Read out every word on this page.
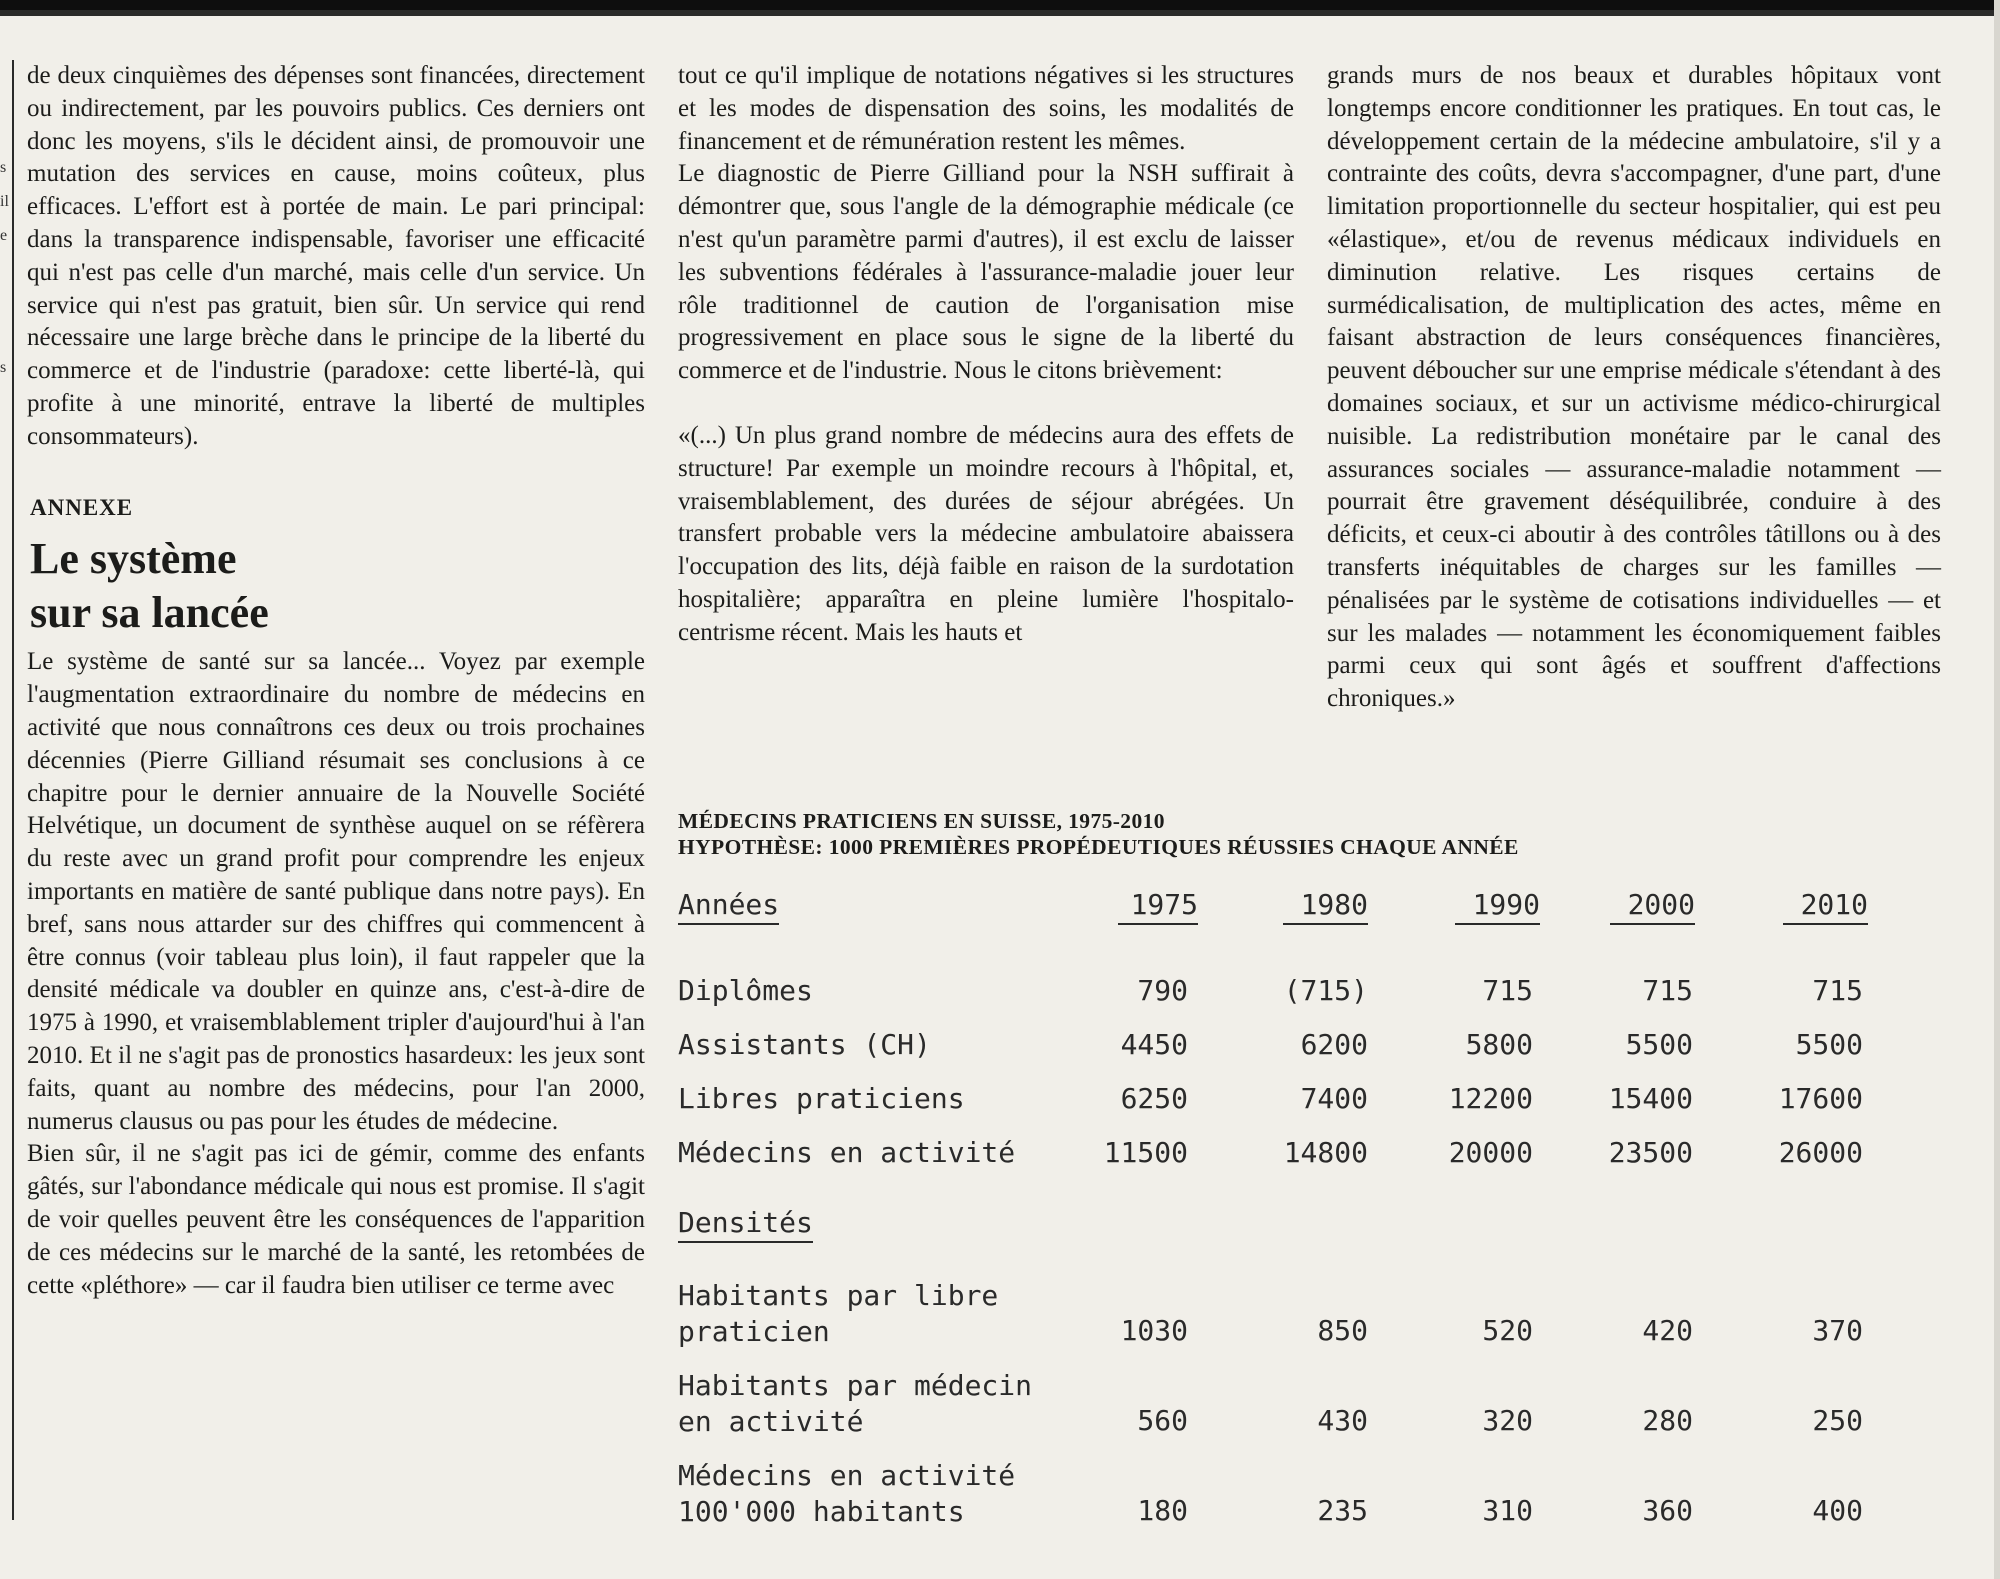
s
il
e
s

de deux cinquièmes des dépenses sont financées, directement ou indirectement, par les pouvoirs publics. Ces derniers ont donc les moyens, s'ils le décident ainsi, de promouvoir une mutation des services en cause, moins coûteux, plus efficaces. L'effort est à portée de main. Le pari principal: dans la transparence indispensable, favoriser une efficacité qui n'est pas celle d'un marché, mais celle d'un service. Un service qui n'est pas gratuit, bien sûr. Un service qui rend nécessaire une large brèche dans le principe de la liberté du commerce et de l'industrie (paradoxe: cette liberté-là, qui profite à une minorité, entrave la liberté de multiples consommateurs).

ANNEXE
Le système
sur sa lancée

Le système de santé sur sa lancée... Voyez par exemple l'augmentation extraordinaire du nombre de médecins en activité que nous connaîtrons ces deux ou trois prochaines décennies (Pierre Gilliand résumait ses conclusions à ce chapitre pour le dernier annuaire de la Nouvelle Société Helvétique, un document de synthèse auquel on se réfèrera du reste avec un grand profit pour comprendre les enjeux importants en matière de santé publique dans notre pays). En bref, sans nous attarder sur des chiffres qui commencent à être connus (voir tableau plus loin), il faut rappeler que la densité médicale va doubler en quinze ans, c'est-à-dire de 1975 à 1990, et vraisemblablement tripler d'aujourd'hui à l'an 2010. Et il ne s'agit pas de pronostics hasardeux: les jeux sont faits, quant au nombre des médecins, pour l'an 2000, numerus clausus ou pas pour les études de médecine.

Bien sûr, il ne s'agit pas ici de gémir, comme des enfants gâtés, sur l'abondance médicale qui nous est promise. Il s'agit de voir quelles peuvent être les conséquences de l'apparition de ces médecins sur le marché de la santé, les retombées de cette «pléthore» — car il faudra bien utiliser ce terme avec

tout ce qu'il implique de notations négatives si les structures et les modes de dispensation des soins, les modalités de financement et de rémunération restent les mêmes.

Le diagnostic de Pierre Gilliand pour la NSH suffirait à démontrer que, sous l'angle de la démographie médicale (ce n'est qu'un paramètre parmi d'autres), il est exclu de laisser les subventions fédérales à l'assurance-maladie jouer leur rôle traditionnel de caution de l'organisation mise progressivement en place sous le signe de la liberté du commerce et de l'industrie. Nous le citons brièvement:

«(...) Un plus grand nombre de médecins aura des effets de structure! Par exemple un moindre recours à l'hôpital, et, vraisemblablement, des durées de séjour abrégées. Un transfert probable vers la médecine ambulatoire abaissera l'occupation des lits, déjà faible en raison de la surdotation hospitalière; apparaîtra en pleine lumière l'hospitalo-centrisme récent. Mais les hauts et

grands murs de nos beaux et durables hôpitaux vont longtemps encore conditionner les pratiques. En tout cas, le développement certain de la médecine ambulatoire, s'il y a contrainte des coûts, devra s'accompagner, d'une part, d'une limitation proportionnelle du secteur hospitalier, qui est peu «élastique», et/ou de revenus médicaux individuels en diminution relative. Les risques certains de surmédicalisation, de multiplication des actes, même en faisant abstraction de leurs conséquences financières, peuvent déboucher sur une emprise médicale s'étendant à des domaines sociaux, et sur un activisme médico-chirurgical nuisible. La redistribution monétaire par le canal des assurances sociales — assurance-maladie notamment — pourrait être gravement déséquilibrée, conduire à des déficits, et ceux-ci aboutir à des contrôles tâtillons ou à des transferts inéquitables de charges sur les familles — pénalisées par le système de cotisations individuelles — et sur les malades — notamment les économiquement faibles parmi ceux qui sont âgés et souffrent d'affections chroniques.»

MÉDECINS PRATICIENS EN SUISSE, 1975-2010

HYPOTHÈSE: 1000 PREMIÈRES PROPÉDEUTIQUES RÉUSSIES CHAQUE ANNÉE

Années	1975	1980	1990	2000	2010
Diplômes	790	(715)	715	715	715
Assistants (CH)	4450	6200	5800	5500	5500
Libres praticiens	6250	7400	12200	15400	17600
Médecins en activité	11500	14800	20000	23500	26000
Densités
Habitants par libre
praticien	1030	850	520	420	370
Habitants par médecin
en activité	560	430	320	280	250
Médecins en activité
100'000 habitants	180	235	310	360	400
